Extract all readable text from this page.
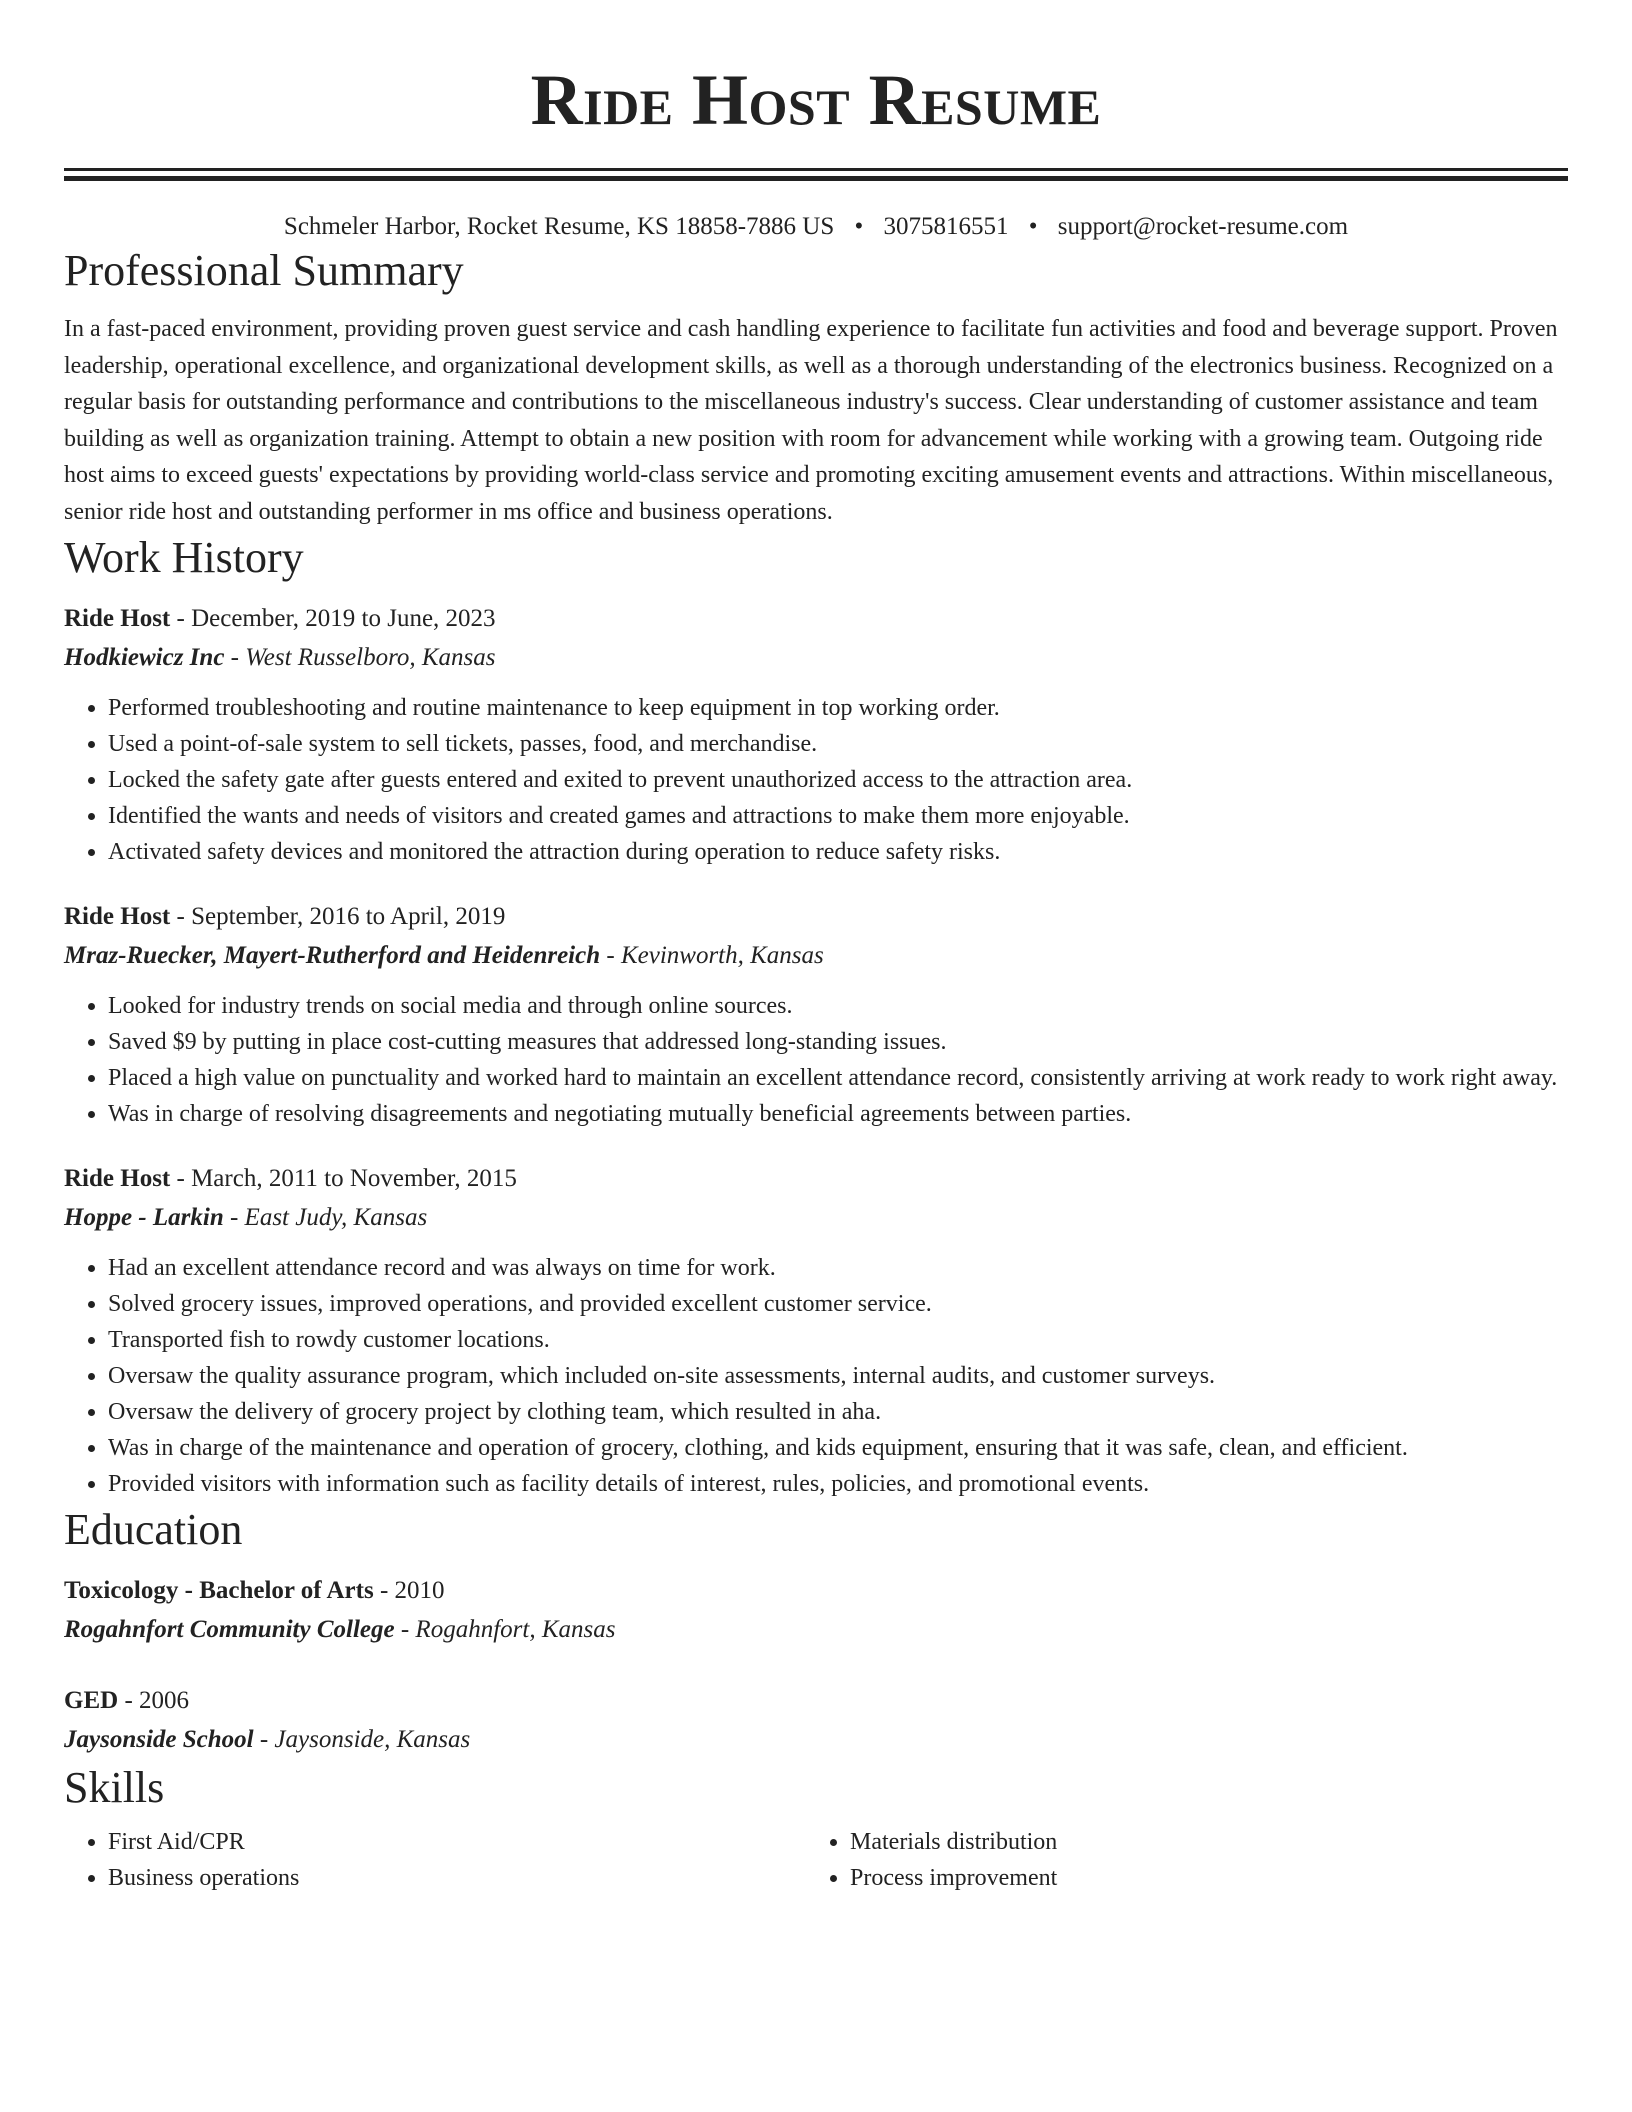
Ride Host Resume
Schmeler Harbor, Rocket Resume, KS 18858-7886 US • 3075816551 • support@rocket-resume.com
Professional Summary
In a fast-paced environment, providing proven guest service and cash handling experience to facilitate fun activities and food and beverage support. Proven leadership, operational excellence, and organizational development skills, as well as a thorough understanding of the electronics business. Recognized on a regular basis for outstanding performance and contributions to the miscellaneous industry's success. Clear understanding of customer assistance and team building as well as organization training. Attempt to obtain a new position with room for advancement while working with a growing team. Outgoing ride host aims to exceed guests' expectations by providing world-class service and promoting exciting amusement events and attractions. Within miscellaneous, senior ride host and outstanding performer in ms office and business operations.
Work History
Ride Host - December, 2019 to June, 2023
Hodkiewicz Inc - West Russelboro, Kansas
• Performed troubleshooting and routine maintenance to keep equipment in top working order.
• Used a point-of-sale system to sell tickets, passes, food, and merchandise.
• Locked the safety gate after guests entered and exited to prevent unauthorized access to the attraction area.
• Identified the wants and needs of visitors and created games and attractions to make them more enjoyable.
• Activated safety devices and monitored the attraction during operation to reduce safety risks.
Ride Host - September, 2016 to April, 2019
Mraz-Ruecker, Mayert-Rutherford and Heidenreich - Kevinworth, Kansas
• Looked for industry trends on social media and through online sources.
• Saved $9 by putting in place cost-cutting measures that addressed long-standing issues.
• Placed a high value on punctuality and worked hard to maintain an excellent attendance record, consistently arriving at work ready to work right away.
• Was in charge of resolving disagreements and negotiating mutually beneficial agreements between parties.
Ride Host - March, 2011 to November, 2015
Hoppe - Larkin - East Judy, Kansas
• Had an excellent attendance record and was always on time for work.
• Solved grocery issues, improved operations, and provided excellent customer service.
• Transported fish to rowdy customer locations.
• Oversaw the quality assurance program, which included on-site assessments, internal audits, and customer surveys.
• Oversaw the delivery of grocery project by clothing team, which resulted in aha.
• Was in charge of the maintenance and operation of grocery, clothing, and kids equipment, ensuring that it was safe, clean, and efficient.
• Provided visitors with information such as facility details of interest, rules, policies, and promotional events.
Education
Toxicology - Bachelor of Arts - 2010
Rogahnfort Community College - Rogahnfort, Kansas
GED - 2006
Jaysonside School - Jaysonside, Kansas
Skills
• First Aid/CPR
• Business operations
• Materials distribution
• Process improvement
